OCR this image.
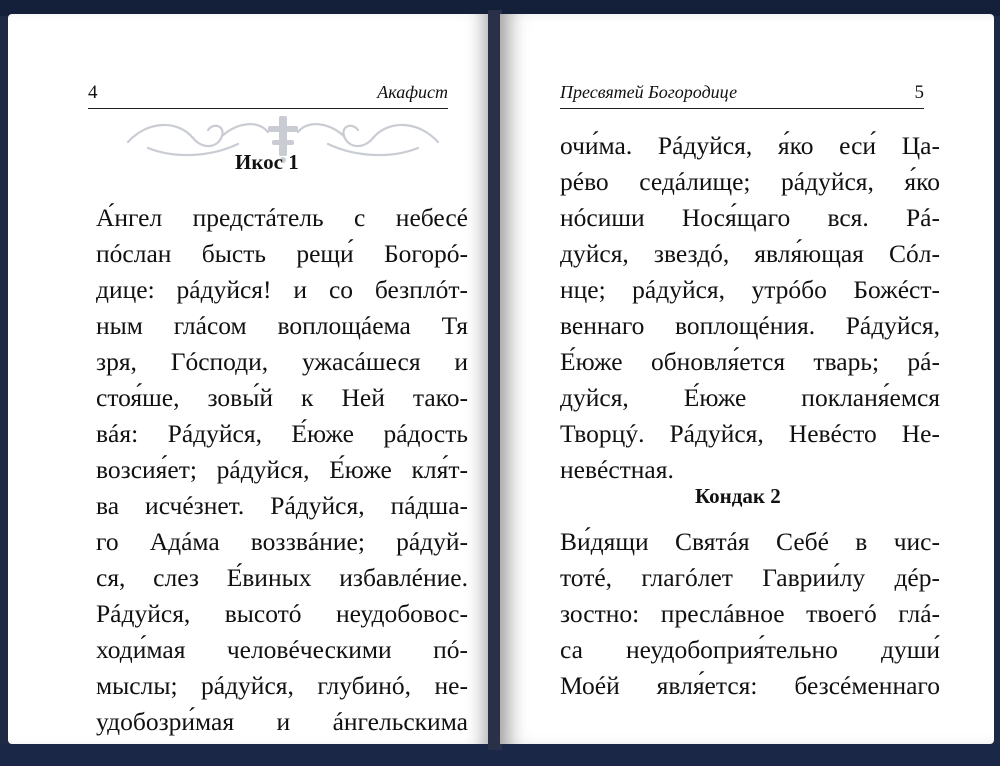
4	Акафист
Икос 1
А́нгел предстáтель с небесé
пóслан бысть рещи́ Богорó-
дице: рáдуйся! и со безплóт-
ным глáсом воплощáема Тя
зря, Гóсподи, ужасáшеся и
стоя́ше, зовы́й к Ней тако-
вáя: Рáдуйся, Е́юже рáдость
возсия́ет; рáдуйся, Е́юже кля́т-
ва исчéзнет. Рáдуйся, пáдша-
го Адáма воззвáние; рáдуй-
ся, слез Е́виных избавлéние.
Рáдуйся, высотó неудобовос-
ходи́мая человéческими пó-
мыслы; рáдуйся, глубинó, не-
удобозри́мая и áнгельскима
Пресвятей Богородице	5
очи́ма. Рáдуйся, я́ко еси́ Ца-
рéво седáлище; рáдуйся, я́ко
нóсиши Нося́щаго вся. Рá-
дуйся, звездó, явля́ющая Сóл-
нце; рáдуйся, утрóбо Божéст-
веннаго воплощéния. Рáдуйся,
Е́юже обновля́ется тварь; рá-
дуйся, Е́юже покланя́емся
Творцý. Рáдуйся, Невéсто Не-
невéстная.
Кондак 2
Ви́дящи Святáя Себé в чис-
тотé, глагóлет Гаврии́лу дéр-
зостно: преслáвное твоегó глá-
са неудобоприя́тельно души́
Моéй явля́ется: безсéменнаго
